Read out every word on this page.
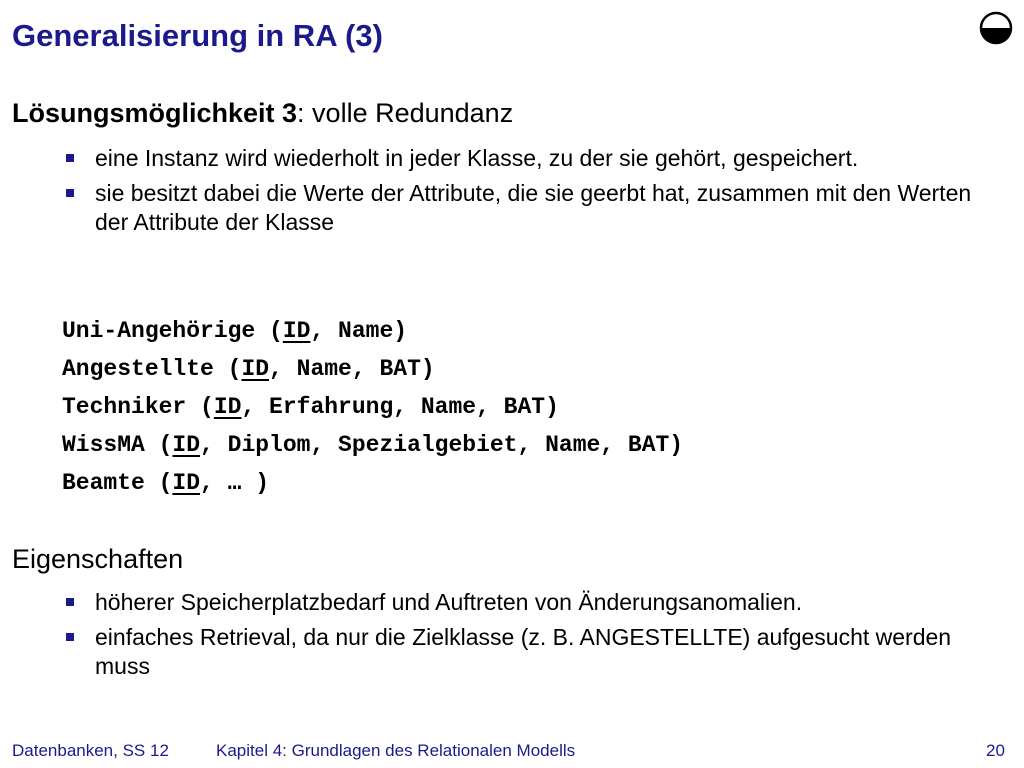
Generalisierung in RA (3)

Lösungsmöglichkeit 3: volle Redundanz

eine Instanz wird wiederholt in jeder Klasse, zu der sie gehört, gespeichert.
sie besitzt dabei die Werte der Attribute, die sie geerbt hat, zusammen mit den Werten der Attribute der Klasse
Uni-Angehörige (ID, Name)
Angestellte (ID, Name, BAT)
Techniker (ID, Erfahrung, Name, BAT)
WissMA (ID, Diplom, Spezialgebiet, Name, BAT)
Beamte (ID, … )

Eigenschaften

höherer Speicherplatzbedarf und Auftreten von Änderungsanomalien.
einfaches Retrieval, da nur die Zielklasse (z. B. ANGESTELLTE) aufgesucht werden muss
Datenbanken, SS 12	Kapitel 4: Grundlagen des Relationalen Modells	20
